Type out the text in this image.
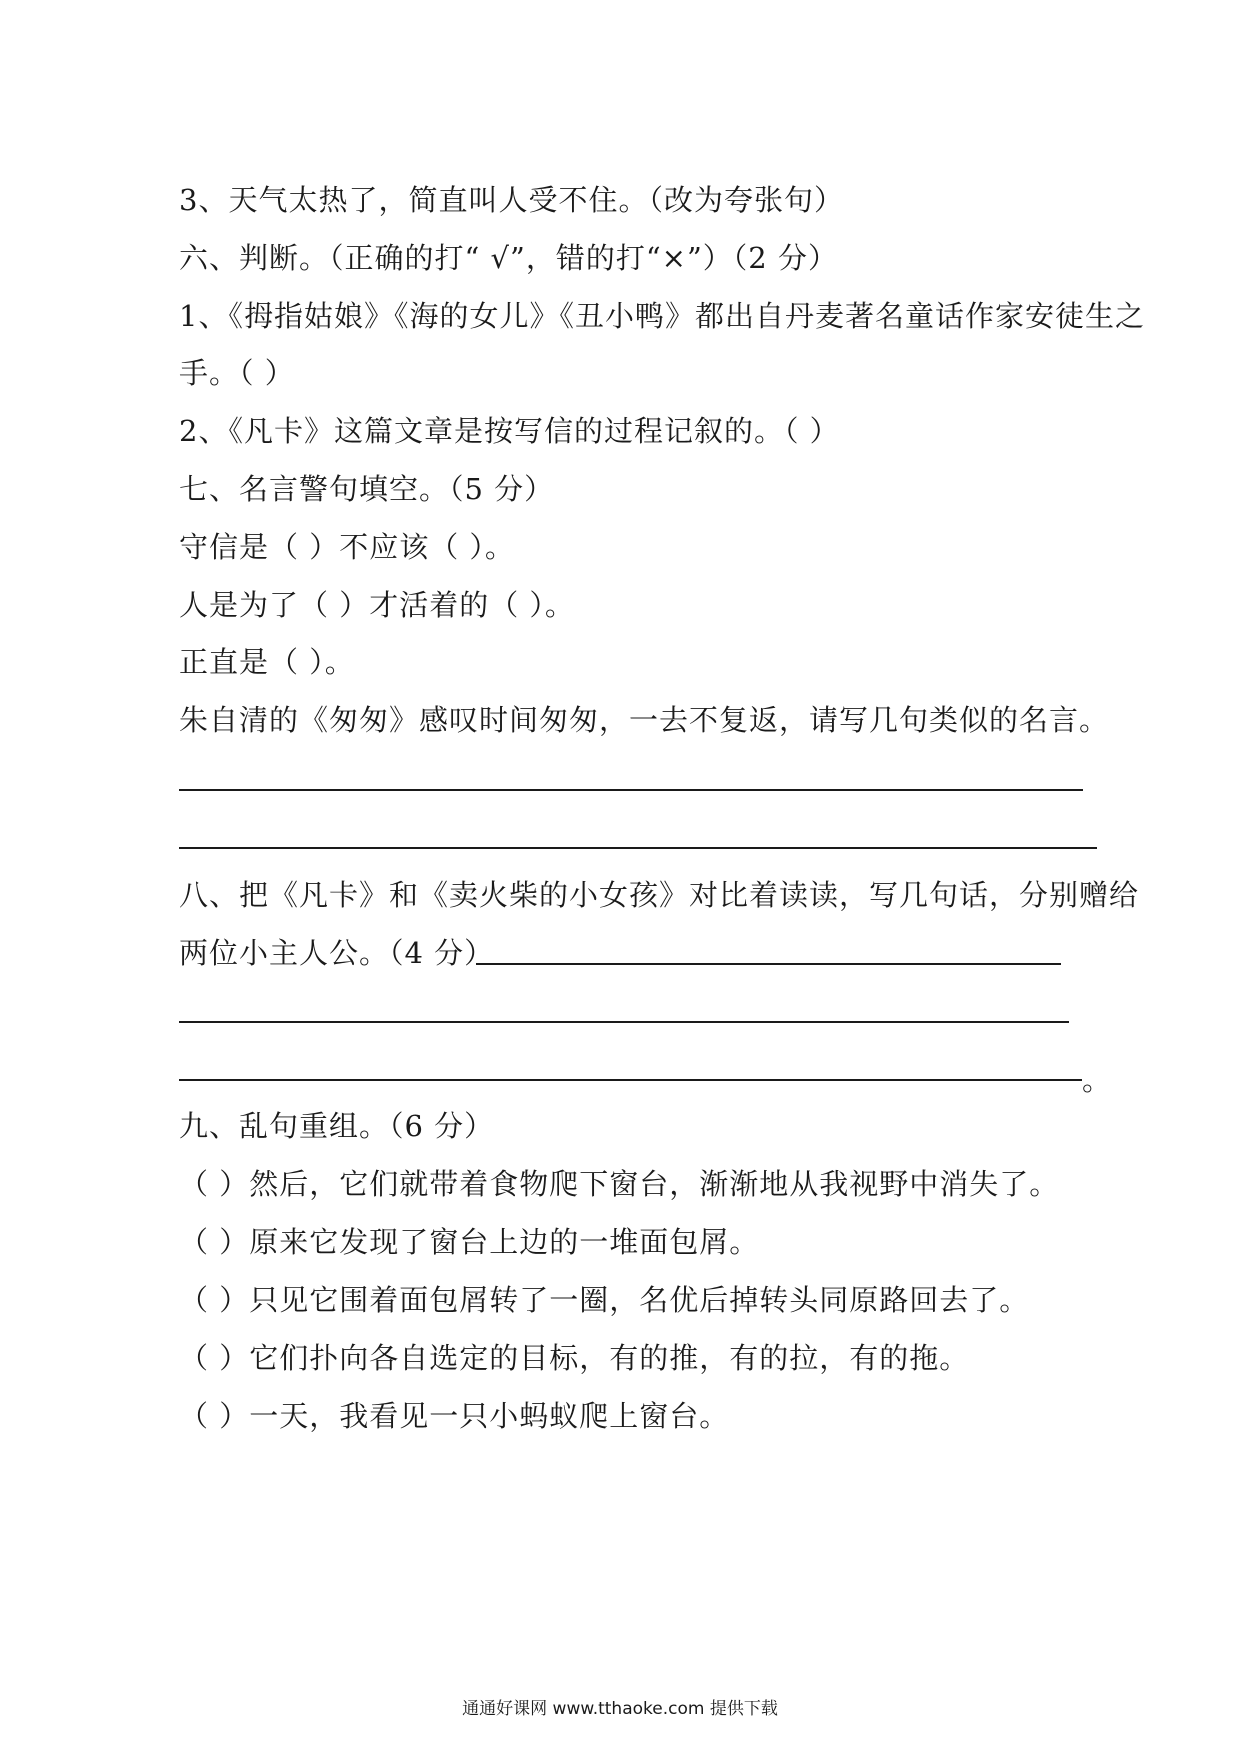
3、天气太热了，简直叫人受不住。（改为夸张句）
六、判断。（正确的打“ √”，错的打“×”）（2 分）
1、《拇指姑娘》《海的女儿》《丑小鸭》都出自丹麦著名童话作家安徒生之
手。（ ）
2、《凡卡》这篇文章是按写信的过程记叙的。（ ）
七、名言警句填空。（5 分）
守信是（ ）不应该（ ）。
人是为了（ ）才活着的（ ）。
正直是（ ）。
朱自清的《匆匆》感叹时间匆匆，一去不复返，请写几句类似的名言。
八、把《凡卡》和《卖火柴的小女孩》对比着读读，写几句话，分别赠给
两位小主人公。（4 分）
。
九、乱句重组。（6 分）
（ ）然后，它们就带着食物爬下窗台，渐渐地从我视野中消失了。
（ ）原来它发现了窗台上边的一堆面包屑。
（ ）只见它围着面包屑转了一圈，名优后掉转头同原路回去了。
（ ）它们扑向各自选定的目标，有的推，有的拉，有的拖。
（ ）一天，我看见一只小蚂蚁爬上窗台。
通通好课网 www.tthaoke.com 提供下载
